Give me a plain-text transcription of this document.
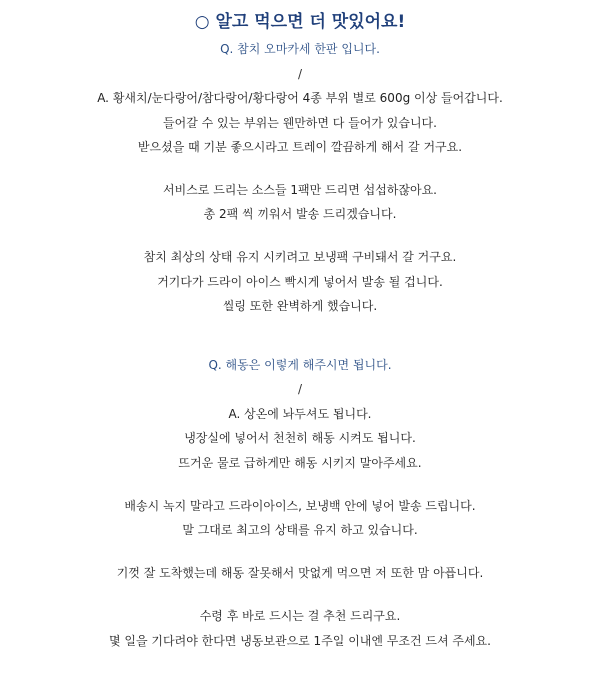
○ 알고 먹으면 더 맛있어요!
Q. 참치 오마카세 한판 입니다.
/
A. 황새치/눈다랑어/참다랑어/황다랑어 4종 부위 별로 600g 이상 들어갑니다.
들어갈 수 있는 부위는 웬만하면 다 들어가 있습니다.
받으셨을 때 기분 좋으시라고 트레이 깔끔하게 해서 갈 거구요.
서비스로 드리는 소스들 1팩만 드리면 섭섭하잖아요.
총 2팩 씩 끼워서 발송 드리겠습니다.
참치 최상의 상태 유지 시키려고 보냉팩 구비돼서 갈 거구요.
거기다가 드라이 아이스 빡시게 넣어서 발송 될 겁니다.
씰링 또한 완벽하게 했습니다.
Q. 해동은 이렇게 해주시면 됩니다.
/
A. 상온에 놔두셔도 됩니다.
냉장실에 넣어서 천천히 해동 시켜도 됩니다.
뜨거운 물로 급하게만 해동 시키지 말아주세요.
배송시 녹지 말라고 드라이아이스, 보냉백 안에 넣어 발송 드립니다.
말 그대로 최고의 상태를 유지 하고 있습니다.
기껏 잘 도착했는데 해동 잘못해서 맛없게 먹으면 저 또한 맘 아픕니다.
수령 후 바로 드시는 걸 추천 드리구요.
몇 일을 기다려야 한다면 냉동보관으로 1주일 이내엔 무조건 드셔 주세요.
